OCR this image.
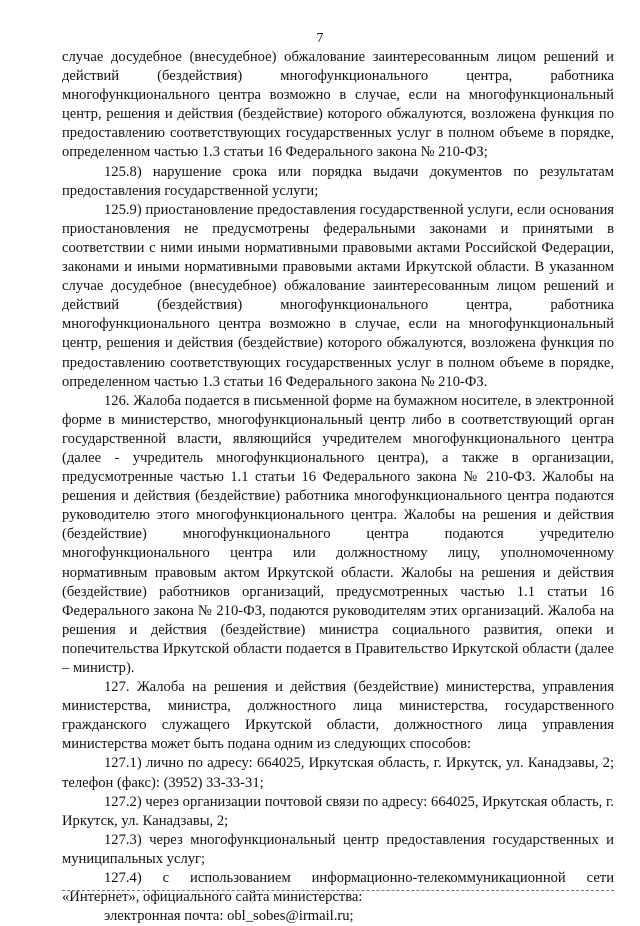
7

случае досудебное (внесудебное) обжалование заинтересованным лицом решений и действий (бездействия) многофункционального центра, работника многофункционального центра возможно в случае, если на многофункциональный центр, решения и действия (бездействие) которого обжалуются, возложена функция по предоставлению соответствующих государственных услуг в полном объеме в порядке, определенном частью 1.3 статьи 16 Федерального закона № 210-ФЗ;

125.8) нарушение срока или порядка выдачи документов по результатам предоставления государственной услуги;

125.9) приостановление предоставления государственной услуги, если основания приостановления не предусмотрены федеральными законами и принятыми в соответствии с ними иными нормативными правовыми актами Российской Федерации, законами и иными нормативными правовыми актами Иркутской области. В указанном случае досудебное (внесудебное) обжалование заинтересованным лицом решений и действий (бездействия) многофункционального центра, работника многофункционального центра возможно в случае, если на многофункциональный центр, решения и действия (бездействие) которого обжалуются, возложена функция по предоставлению соответствующих государственных услуг в полном объеме в порядке, определенном частью 1.3 статьи 16 Федерального закона № 210-ФЗ.

126. Жалоба подается в письменной форме на бумажном носителе, в электронной форме в министерство, многофункциональный центр либо в соответствующий орган государственной власти, являющийся учредителем многофункционального центра (далее - учредитель многофункционального центра), а также в организации, предусмотренные частью 1.1 статьи 16 Федерального закона № 210-ФЗ. Жалобы на решения и действия (бездействие) работника многофункционального центра подаются руководителю этого многофункционального центра. Жалобы на решения и действия (бездействие) многофункционального центра подаются учредителю многофункционального центра или должностному лицу, уполномоченному нормативным правовым актом Иркутской области. Жалобы на решения и действия (бездействие) работников организаций, предусмотренных частью 1.1 статьи 16 Федерального закона № 210-ФЗ, подаются руководителям этих организаций. Жалоба на решения и действия (бездействие) министра социального развития, опеки и попечительства Иркутской области подается в Правительство Иркутской области (далее – министр).

127. Жалоба на решения и действия (бездействие) министерства, управления министерства, министра, должностного лица министерства, государственного гражданского служащего Иркутской области, должностного лица управления министерства может быть подана одним из следующих способов:

127.1) лично по адресу: 664025, Иркутская область, г. Иркутск, ул. Канадзавы, 2; телефон (факс): (3952) 33-33-31;

127.2) через организации почтовой связи по адресу: 664025, Иркутская область, г. Иркутск, ул. Канадзавы, 2;

127.3) через многофункциональный центр предоставления государственных и муниципальных услуг;

127.4) с использованием информационно-телекоммуникационной сети «Интернет», официального сайта министерства:

электронная почта: obl_sobes@irmail.ru;
